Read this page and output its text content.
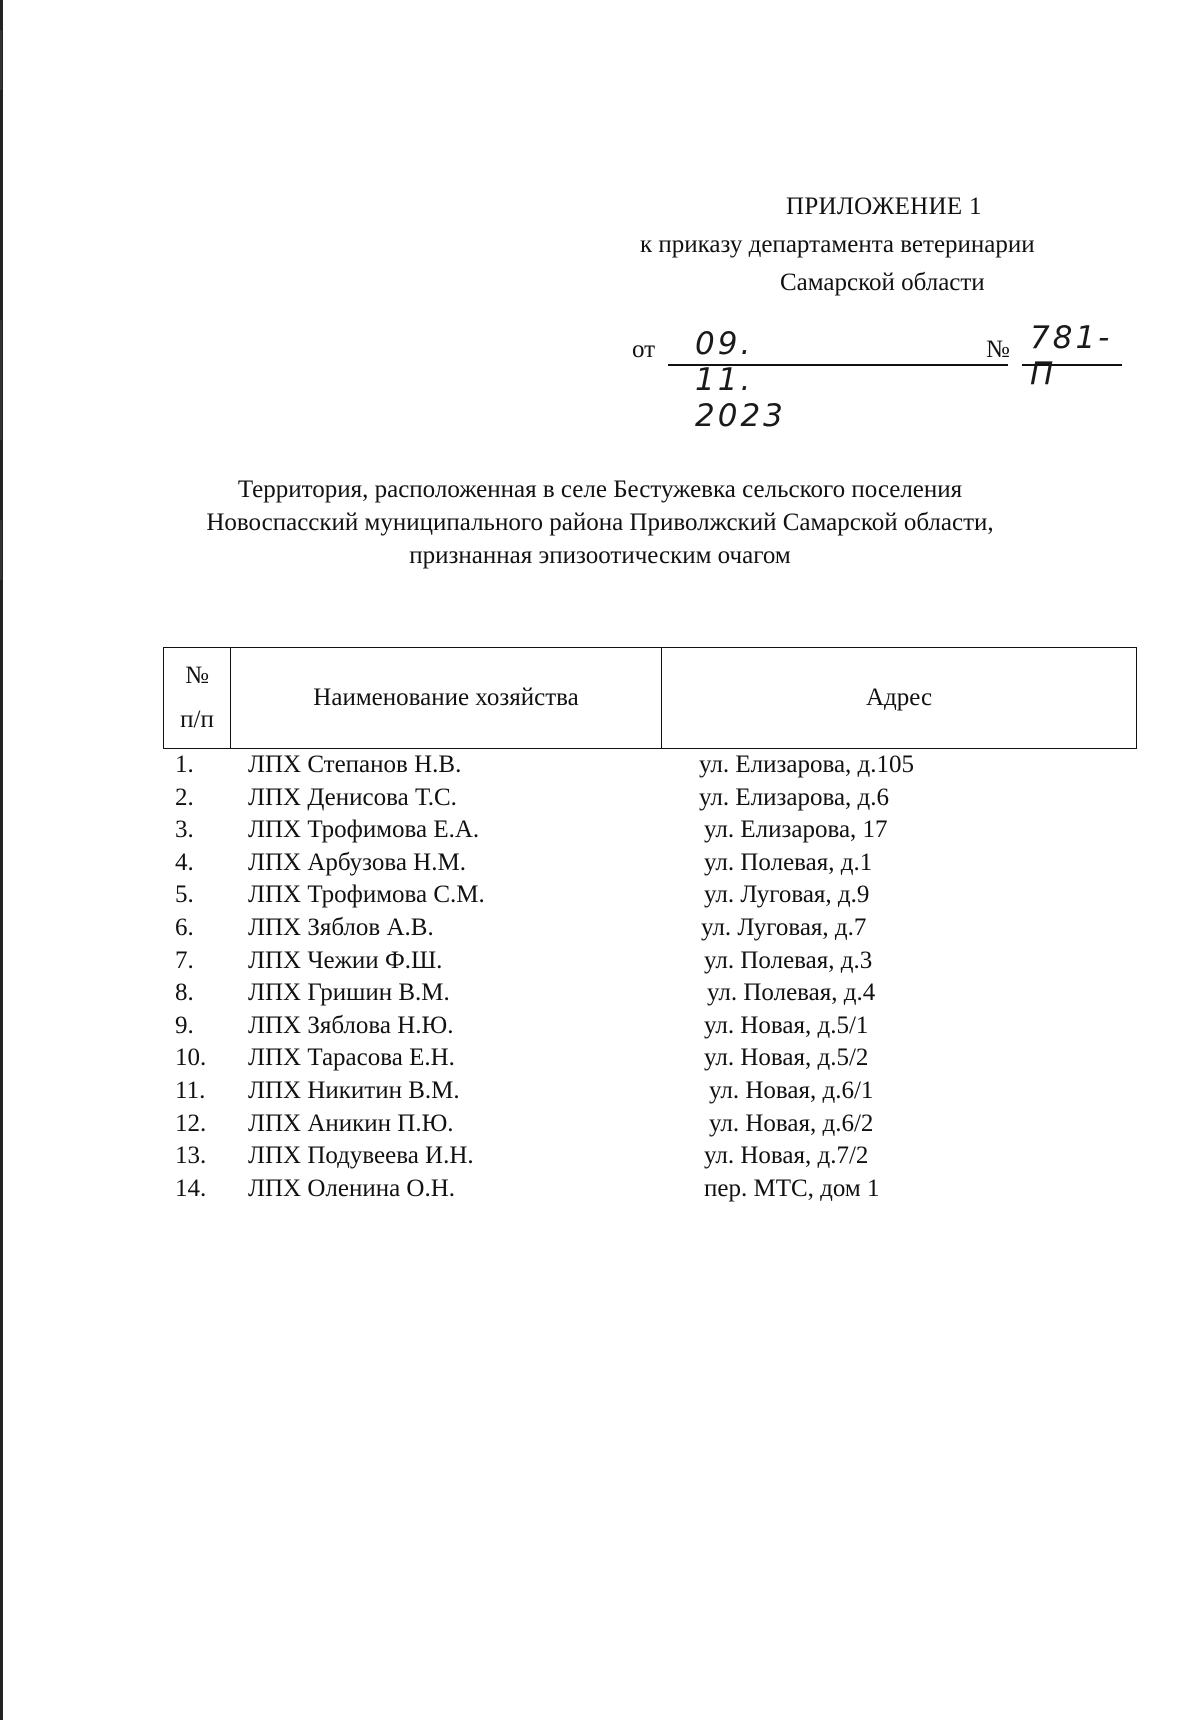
ПРИЛОЖЕНИЕ 1
к приказу департамента ветеринарии
Самарской области
от 09. 11. 2023
№ 781-П
Территория, расположенная в селе Бестужевка сельского поселения
Новоспасский муниципального района Приволжский Самарской области,
признанная эпизоотическим очагом
№
п/п
	Наименование хозяйства	Адрес
1. ЛПХ Степанов Н.В.	ул. Елизарова, д.105
2. ЛПХ Денисова Т.С.	ул. Елизарова, д.6
3. ЛПХ Трофимова Е.А.	ул. Елизарова, 17
4. ЛПХ Арбузова Н.М.	ул. Полевая, д.1
5. ЛПХ Трофимова С.М.	ул. Луговая, д.9
6. ЛПХ Зяблов А.В.	ул. Луговая, д.7
7. ЛПХ Чежии Ф.Ш.	ул. Полевая, д.3
8. ЛПХ Гришин В.М.	ул. Полевая, д.4
9. ЛПХ Зяблова Н.Ю.	ул. Новая, д.5/1
10. ЛПХ Тарасова Е.Н.	ул. Новая, д.5/2
11. ЛПХ Никитин В.М.	ул. Новая, д.6/1
12. ЛПХ Аникин П.Ю.	ул. Новая, д.6/2
13. ЛПХ Подувеева И.Н.	ул. Новая, д.7/2
14. ЛПХ Оленина О.Н.	пер. МТС, дом 1
